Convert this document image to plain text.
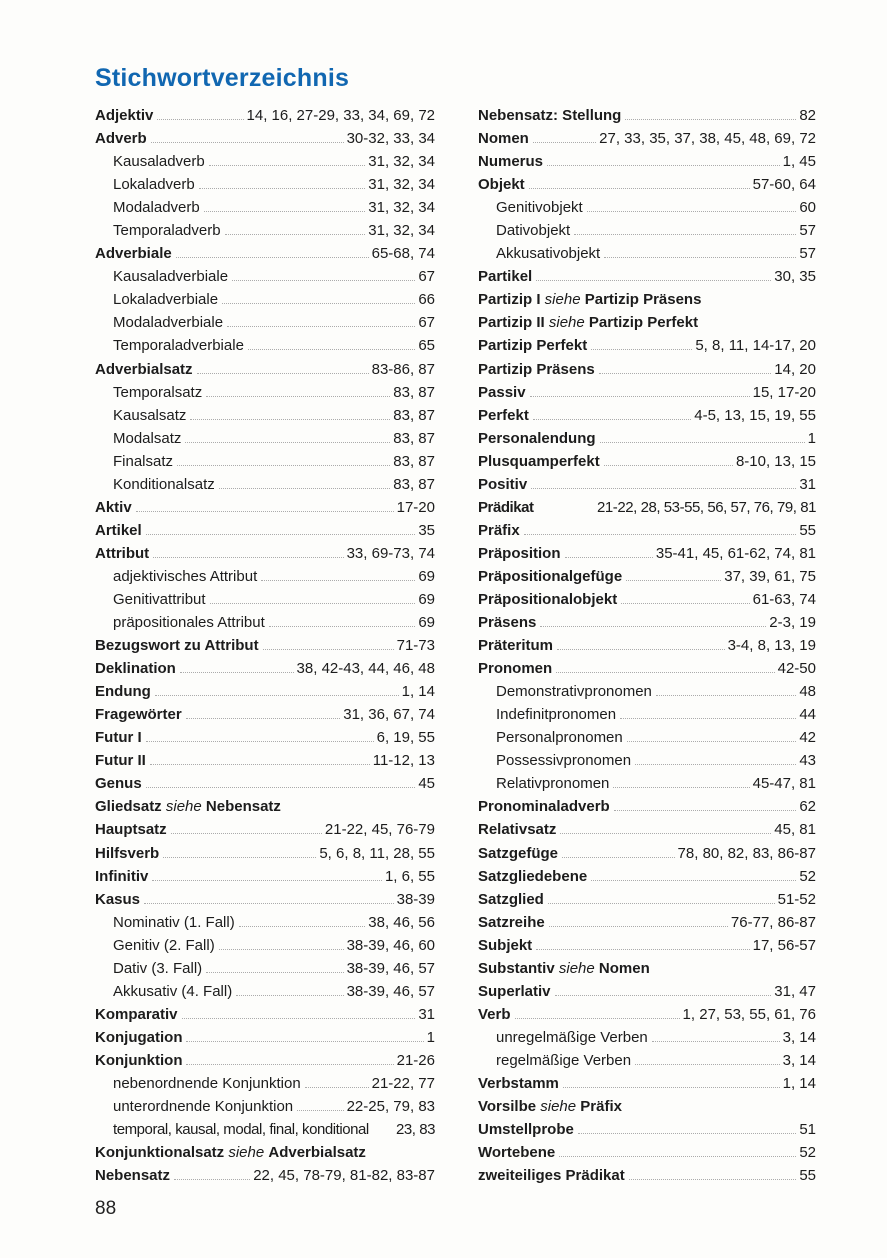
Stichwortverzeichnis
Adjektiv	14, 16, 27-29, 33, 34, 69, 72
Adverb	30-32, 33, 34
Kausaladverb	31, 32, 34
Lokaladverb	31, 32, 34
Modaladverb	31, 32, 34
Temporaladverb	31, 32, 34
Adverbiale	65-68, 74
Kausaladverbiale	67
Lokaladverbiale	66
Modaladverbiale	67
Temporaladverbiale	65
Adverbialsatz	83-86, 87
Temporalsatz	83, 87
Kausalsatz	83, 87
Modalsatz	83, 87
Finalsatz	83, 87
Konditionalsatz	83, 87
Aktiv	17-20
Artikel	35
Attribut	33, 69-73, 74
adjektivisches Attribut	69
Genitivattribut	69
präpositionales Attribut	69
Bezugswort zu Attribut	71-73
Deklination	38, 42-43, 44, 46, 48
Endung	1, 14
Fragewörter	31, 36, 67, 74
Futur I	6, 19, 55
Futur II	11-12, 13
Genus	45
Gliedsatz siehe Nebensatz
Hauptsatz	21-22, 45, 76-79
Hilfsverb	5, 6, 8, 11, 28, 55
Infinitiv	1, 6, 55
Kasus	38-39
Nominativ (1. Fall)	38, 46, 56
Genitiv (2. Fall)	38-39, 46, 60
Dativ (3. Fall)	38-39, 46, 57
Akkusativ (4. Fall)	38-39, 46, 57
Komparativ	31
Konjugation	1
Konjunktion	21-26
nebenordnende Konjunktion	21-22, 77
unterordnende Konjunktion	22-25, 79, 83
temporal, kausal, modal, final, konditional 23, 83
Konjunktionalsatz siehe Adverbialsatz
Nebensatz	22, 45, 78-79, 81-82, 83-87
Nebensatz: Stellung	82
Nomen	27, 33, 35, 37, 38, 45, 48, 69, 72
Numerus	1, 45
Objekt	57-60, 64
Genitivobjekt	60
Dativobjekt	57
Akkusativobjekt	57
Partikel	30, 35
Partizip I siehe Partizip Präsens
Partizip II siehe Partizip Perfekt
Partizip Perfekt	5, 8, 11, 14-17, 20
Partizip Präsens	14, 20
Passiv	15, 17-20
Perfekt	4-5, 13, 15, 19, 55
Personalendung	1
Plusquamperfekt	8-10, 13, 15
Positiv	31
Prädikat	21-22, 28, 53-55, 56, 57, 76, 79, 81
Präfix	55
Präposition	35-41, 45, 61-62, 74, 81
Präpositionalgefüge	37, 39, 61, 75
Präpositionalobjekt	61-63, 74
Präsens	2-3, 19
Präteritum	3-4, 8, 13, 19
Pronomen	42-50
Demonstrativpronomen	48
Indefinitpronomen	44
Personalpronomen	42
Possessivpronomen	43
Relativpronomen	45-47, 81
Pronominaladverb	62
Relativsatz	45, 81
Satzgefüge	78, 80, 82, 83, 86-87
Satzgliedebene	52
Satzglied	51-52
Satzreihe	76-77, 86-87
Subjekt	17, 56-57
Substantiv siehe Nomen
Superlativ	31, 47
Verb	1, 27, 53, 55, 61, 76
unregelmäßige Verben	3, 14
regelmäßige Verben	3, 14
Verbstamm	1, 14
Vorsilbe siehe Präfix
Umstellprobe	51
Wortebene	52
zweiteiliges Prädikat	55
88
